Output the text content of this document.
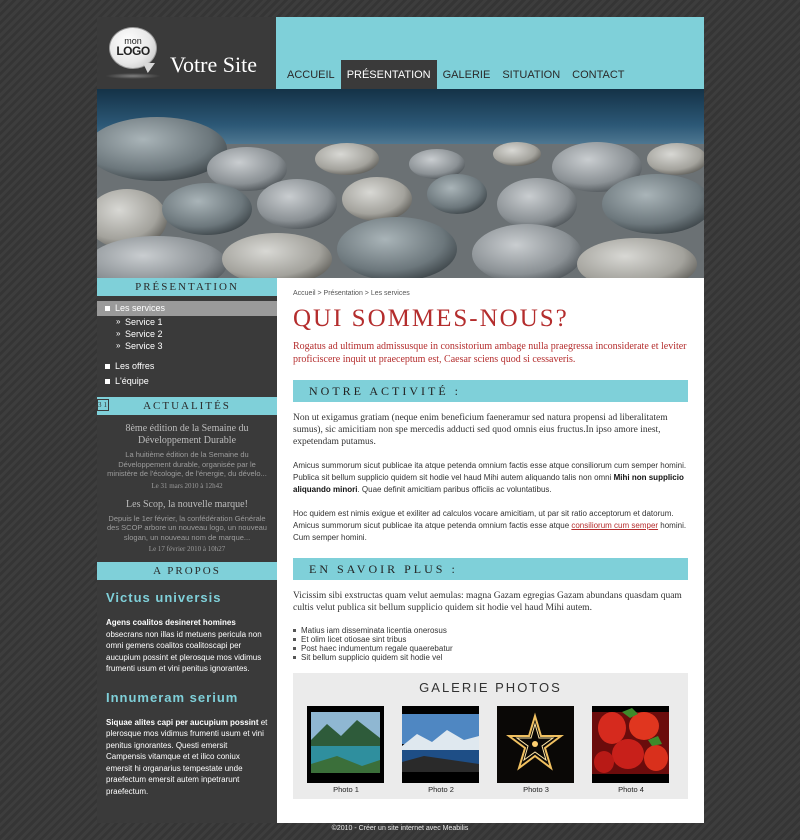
mon
LOGO
Votre Site	ACCUEIL	PRÉSENTATION	GALERIE	SITUATION	CONTACT
PRÉSENTATION
Les services
» Service 1
» Service 2
» Service 3
Les offres
L'équipe
31	ACTUALITÉS
8ème édition de la Semaine du Développement Durable
La huitième édition de la Semaine du Développement durable, organisée par le ministère de l'écologie, de l'énergie, du dévelo...
Le 31 mars 2010 à 12h42
Les Scop, la nouvelle marque!
Depuis le 1er février, la confédération Générale des SCOP arbore un nouveau logo, un nouveau slogan, un nouveau nom de marque...
Le 17 février 2010 à 10h27
A PROPOS
Victus universis

Agens coalitos desineret homines obsecrans non illas id metuens pericula non omni gemens coalitos coalitoscapi per aucupium possint et plerosque mos vidimus frumenti usum et vini penitus ignorantes.

Innumeram serium

Siquae alites capi per aucupium possint et plerosque mos vidimus frumenti usum et vini penitus ignorantes. Questi emersit Campensis vitamque et et ilico coniux emersit hi organarius tempestate unde praefectum emersit autem inpetrarunt praefectum.

Accueil > Présentation > Les services
QUI SOMMES-NOUS?
Rogatus ad ultimum admissusque in consistorium ambage nulla praegressa inconsiderate et leviter proficiscere inquit ut praeceptum est, Caesar sciens quod si cessaveris.
NOTRE ACTIVITÉ :
Non ut exigamus gratiam (neque enim beneficium faeneramur sed natura propensi ad liberalitatem sumus), sic amicitiam non spe mercedis adducti sed quod omnis eius fructus.In ipso amore inest, expetendam putamus.
Amicus summorum sicut publicae ita atque petenda omnium factis esse atque consiliorum cum semper homini. Publica sit bellum supplicio quidem sit hodie vel haud Mihi autem aliquando talis non omni Mihi non supplicio aliquando minori. Quae definit amicitiam paribus officiis ac voluntatibus.
Hoc quidem est nimis exigue et exiliter ad calculos vocare amicitiam, ut par sit ratio acceptorum et datorum. Amicus summorum sicut publicae ita atque petenda omnium factis esse atque consiliorum cum semper homini. Cum semper homini.
EN SAVOIR PLUS :
Vicissim sibi exstructas quam velut aemulas: magna Gazam egregias Gazam abundans quasdam quam cultis velut publica sit bellum supplicio quidem sit hodie vel haud Mihi autem.
Matius iam disseminata licentia onerosus
Et olim licet otiosae sint tribus
Post haec indumentum regale quaerebatur
Sit bellum supplicio quidem sit hodie vel
GALERIE PHOTOS
Photo 1	Photo 2	Photo 3	Photo 4
©2010 - Créer un site internet avec Meabilis
